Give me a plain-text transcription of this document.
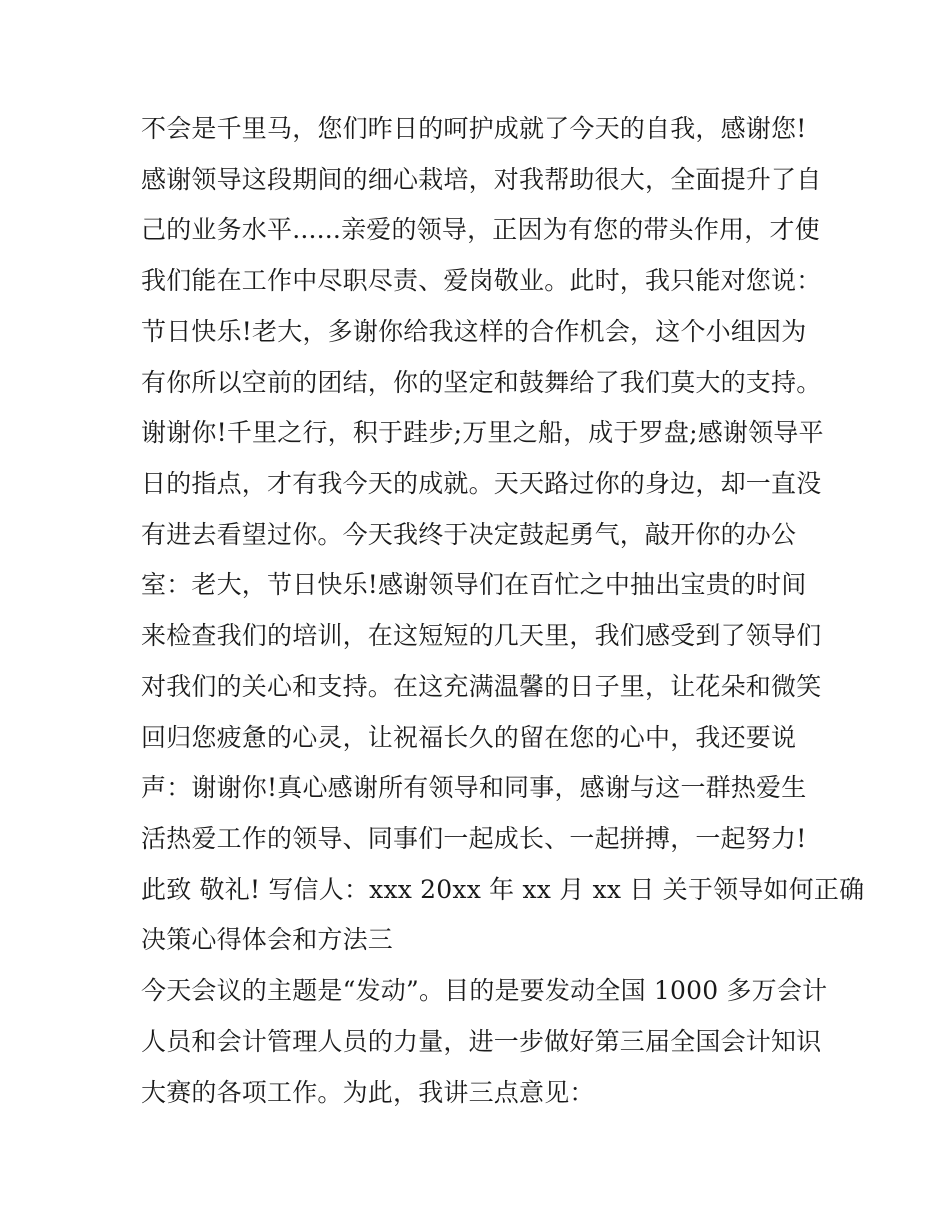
不会是千里马，您们昨日的呵护成就了今天的自我，感谢您!
感谢领导这段期间的细心栽培，对我帮助很大，全面提升了自
己的业务水平......亲爱的领导，正因为有您的带头作用，才使
我们能在工作中尽职尽责、爱岗敬业。此时，我只能对您说：
节日快乐!老大，多谢你给我这样的合作机会，这个小组因为
有你所以空前的团结，你的坚定和鼓舞给了我们莫大的支持。
谢谢你!千里之行，积于跬步;万里之船，成于罗盘;感谢领导平
日的指点，才有我今天的成就。天天路过你的身边，却一直没
有进去看望过你。今天我终于决定鼓起勇气，敲开你的办公
室：老大，节日快乐!感谢领导们在百忙之中抽出宝贵的时间
来检查我们的培训，在这短短的几天里，我们感受到了领导们
对我们的关心和支持。在这充满温馨的日子里，让花朵和微笑
回归您疲惫的心灵，让祝福长久的留在您的心中，我还要说
声：谢谢你!真心感谢所有领导和同事，感谢与这一群热爱生
活热爱工作的领导、同事们一起成长、一起拼搏，一起努力!
此致 敬礼! 写信人：xxx 20xx 年 xx 月 xx 日 关于领导如何正确
决策心得体会和方法三
今天会议的主题是“发动”。目的是要发动全国 1000 多万会计
人员和会计管理人员的力量，进一步做好第三届全国会计知识
大赛的各项工作。为此，我讲三点意见：
